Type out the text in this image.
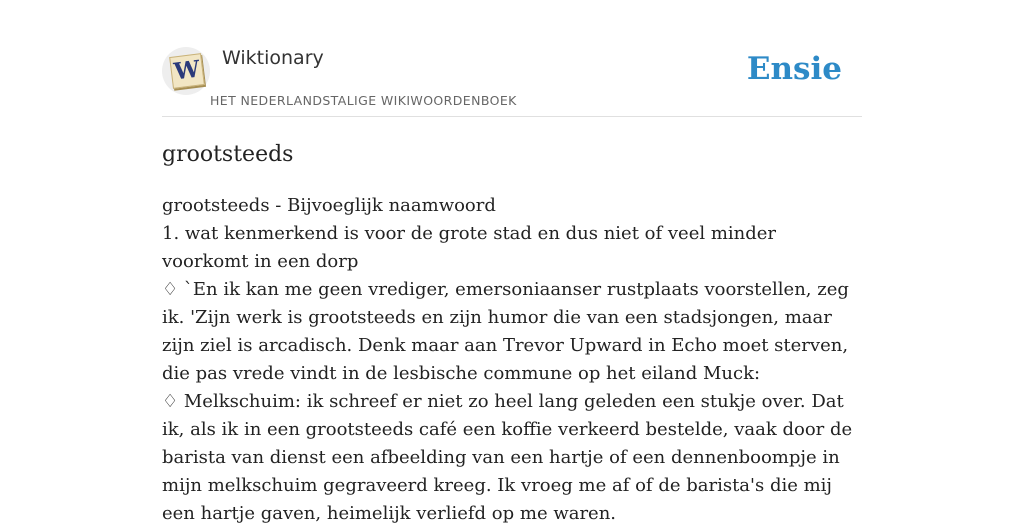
W Wiktionary
HET NEDERLANDSTALIGE WIKIWOORDENBOEK
Ensie
grootsteeds

grootsteeds - Bijvoeglijk naamwoord

1. wat kenmerkend is voor de grote stad en dus niet of veel minder voorkomt in een dorp

♢ `En ik kan me geen vrediger, emersoniaanser rustplaats voorstellen, zeg ik. 'Zijn werk is grootsteeds en zijn humor die van een stadsjongen, maar zijn ziel is arcadisch. Denk maar aan Trevor Upward in Echo moet sterven, die pas vrede vindt in de lesbische commune op het eiland Muck:

♢ Melkschuim: ik schreef er niet zo heel lang geleden een stukje over. Dat ik, als ik in een grootsteeds café een koffie verkeerd bestelde, vaak door de barista van dienst een afbeelding van een hartje of een dennenboompje in mijn melkschuim gegraveerd kreeg. Ik vroeg me af of de barista's die mij een hartje gaven, heimelijk verliefd op me waren.
